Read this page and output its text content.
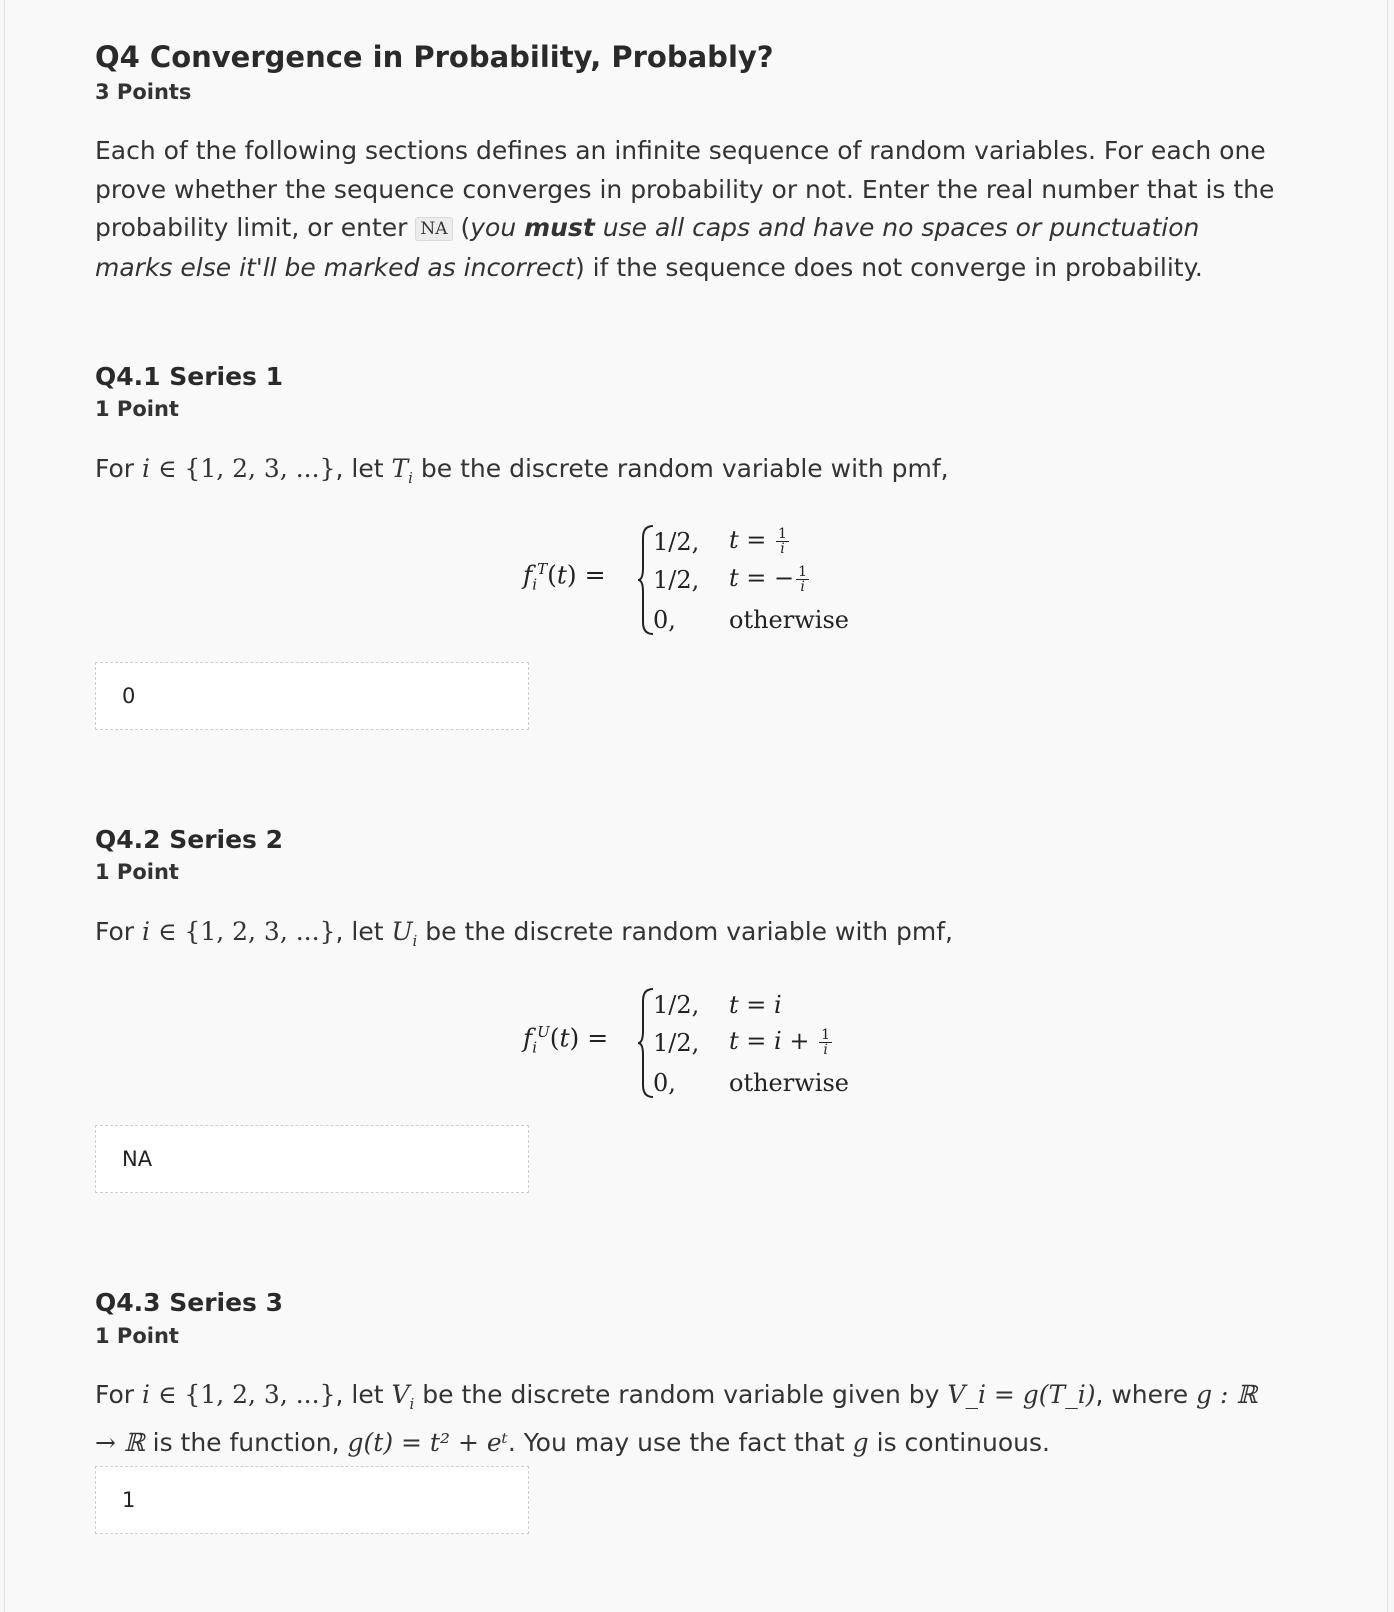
Q4 Convergence in Probability, Probably?
3 Points
Each of the following sections defines an infinite sequence of random variables. For each one prove whether the sequence converges in probability or not. Enter the real number that is the probability limit, or enter NA (you must use all caps and have no spaces or punctuation marks else it'll be marked as incorrect) if the sequence does not converge in probability.
Q4.1 Series 1
1 Point
For i ∈ {1, 2, 3, ...}, let $T_i$ be the discrete random variable with pmf,
$f_i^T(t)$ =
1/2, $t = \frac{1}{i}$
1/2, t = − $\frac{1}{i}$
0, otherwise
0
Q4.2 Series 2
1 Point
For i ∈ {1, 2, 3, ...}, let $U_i$ be the discrete random variable with pmf,
$f_i^U(t)$ =
1/2, t = i
1/2, $t = i + \frac{1}{i}$
0, otherwise
NA
Q4.3 Series 3
1 Point
For i ∈ {1, 2, 3, ...}, let $V_i$ be the discrete random variable given by V_i = g(T_i), where g : ℝ → ℝ is the function, g(t) = t² + eᵗ. You may use the fact that g is continuous.
1
